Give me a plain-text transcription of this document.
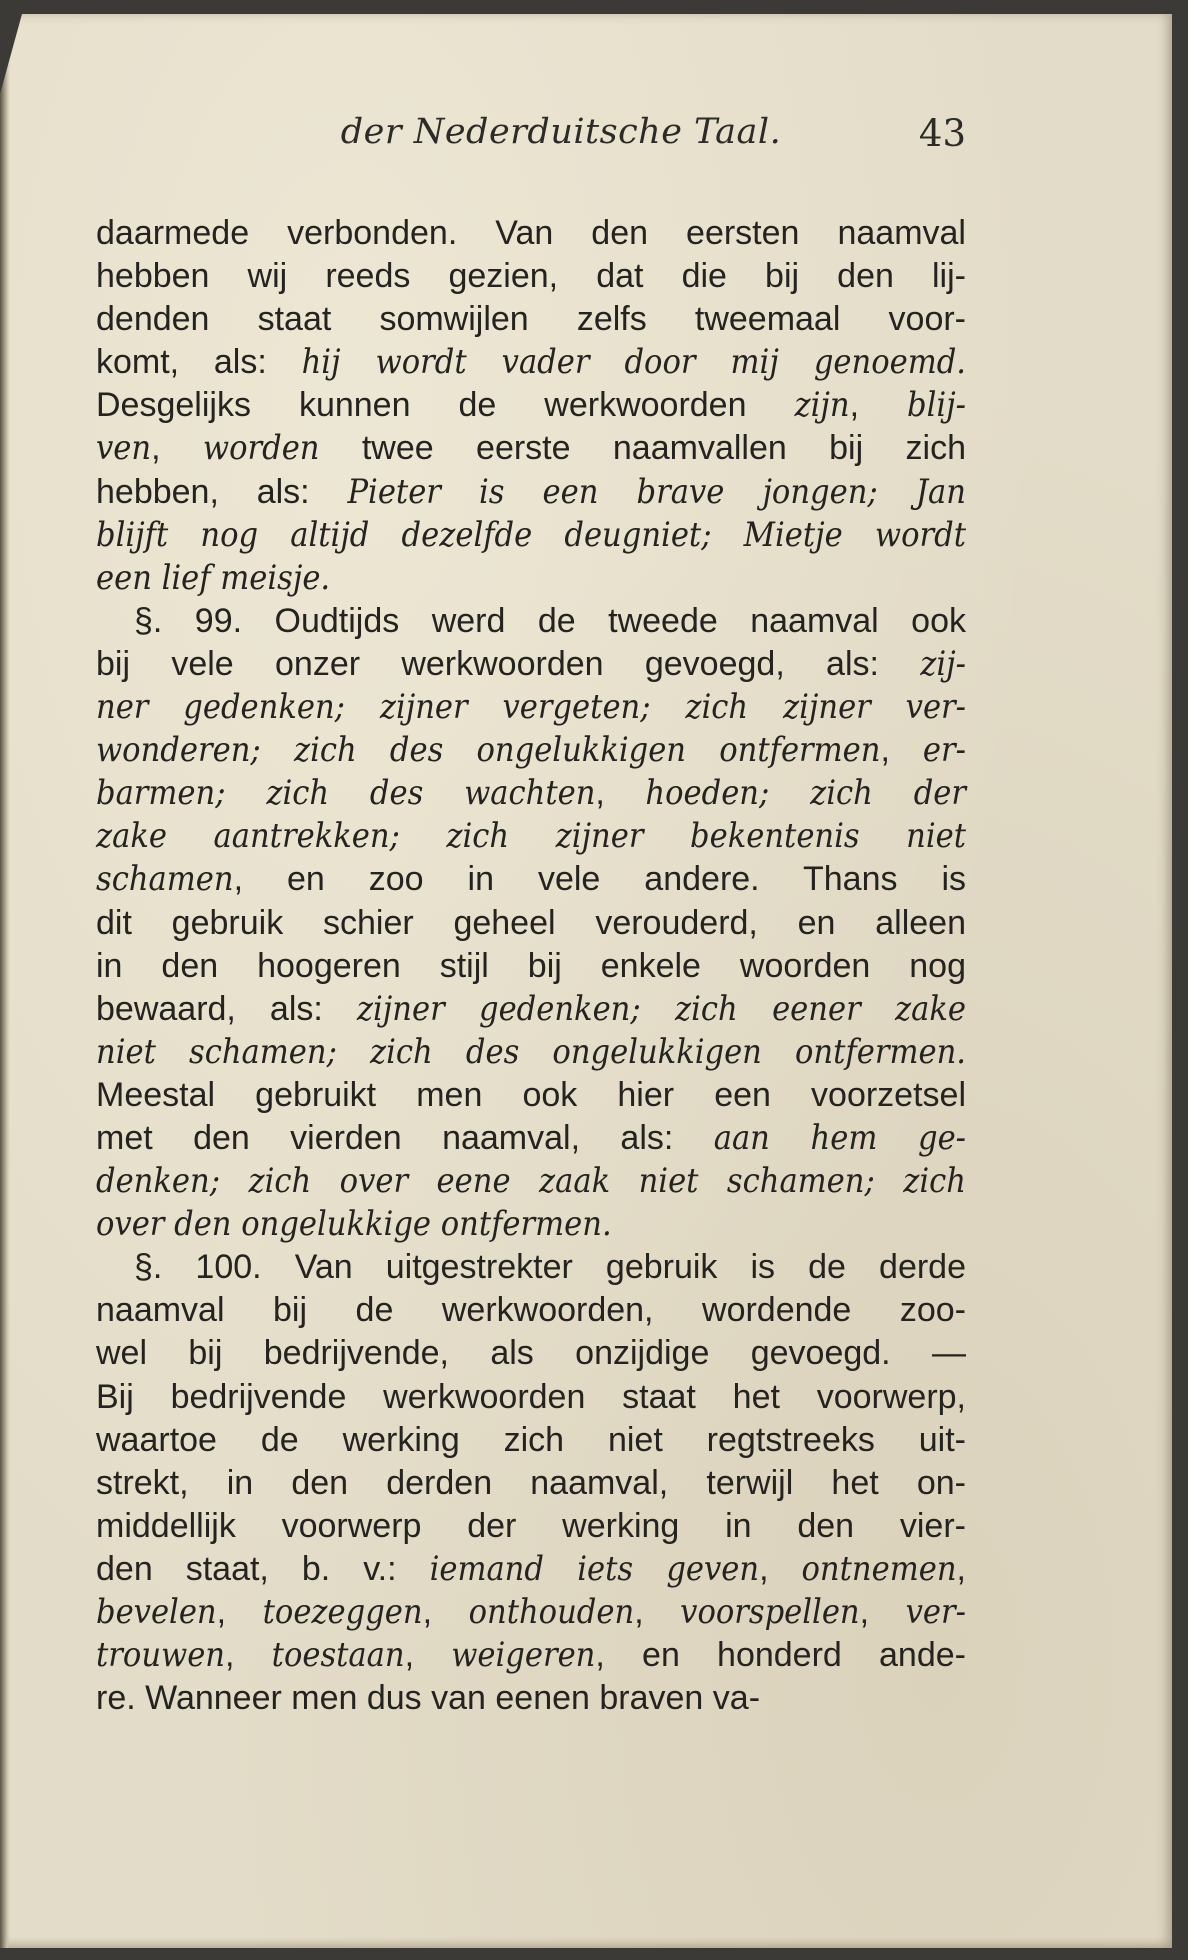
der Nederduitsche Taal.	43
daarmede verbonden. Van den eersten naamval
hebben wij reeds gezien, dat die bij den lij-
denden staat somwijlen zelfs tweemaal voor-
komt, als: hij wordt vader door mij genoemd.
Desgelijks kunnen de werkwoorden zijn, blij-
ven, worden twee eerste naamvallen bij zich
hebben, als: Pieter is een brave jongen; Jan
blijft nog altijd dezelfde deugniet; Mietje wordt
een lief meisje.
§. 99. Oudtijds werd de tweede naamval ook
bij vele onzer werkwoorden gevoegd, als: zij-
ner gedenken; zijner vergeten; zich zijner ver-
wonderen; zich des ongelukkigen ontfermen, er-
barmen; zich des wachten, hoeden; zich der
zake aantrekken; zich zijner bekentenis niet
schamen, en zoo in vele andere. Thans is
dit gebruik schier geheel verouderd, en alleen
in den hoogeren stijl bij enkele woorden nog
bewaard, als: zijner gedenken; zich eener zake
niet schamen; zich des ongelukkigen ontfermen.
Meestal gebruikt men ook hier een voorzetsel
met den vierden naamval, als: aan hem ge-
denken; zich over eene zaak niet schamen; zich
over den ongelukkige ontfermen.
§. 100. Van uitgestrekter gebruik is de derde
naamval bij de werkwoorden, wordende zoo-
wel bij bedrijvende, als onzijdige gevoegd. —
Bij bedrijvende werkwoorden staat het voorwerp,
waartoe de werking zich niet regtstreeks uit-
strekt, in den derden naamval, terwijl het on-
middellijk voorwerp der werking in den vier-
den staat, b. v.: iemand iets geven, ontnemen,
bevelen, toezeggen, onthouden, voorspellen, ver-
trouwen, toestaan, weigeren, en honderd ande-
re. Wanneer men dus van eenen braven va-
